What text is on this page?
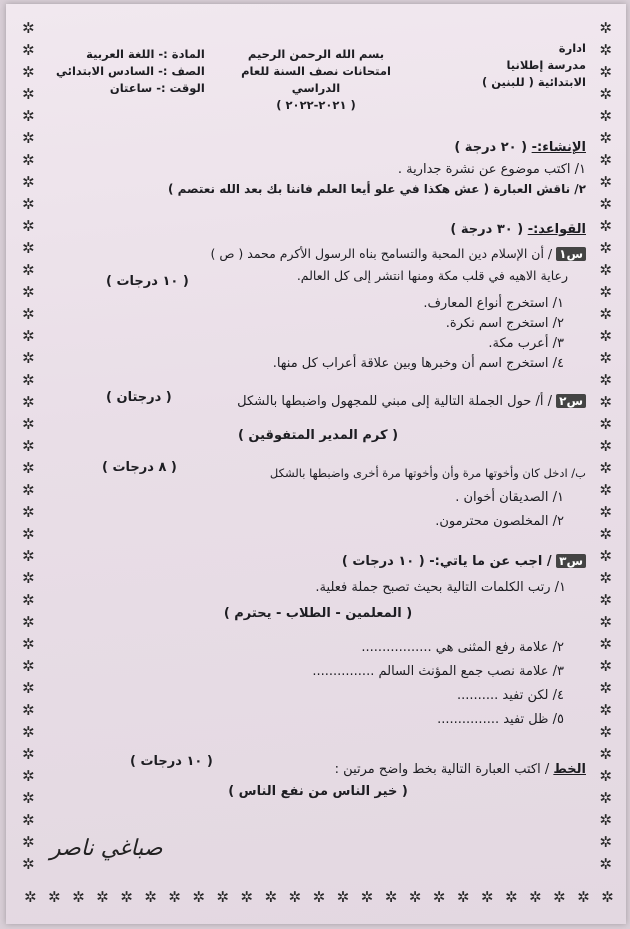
✲
✲
✲
✲
✲
✲
✲
✲
✲
✲
✲
✲
✲
✲
✲
✲
✲
✲
✲
✲
✲
✲
✲
✲
✲
✲
✲
✲
✲
✲
✲
✲
✲
✲
✲
✲
✲
✲
✲
✲
✲
✲
✲
✲
✲
✲
✲
✲
✲
✲
✲
✲
✲
✲
✲
✲
✲
✲
✲
✲
✲
✲
✲
✲
✲
✲
✲
✲
✲
✲
✲
✲
✲
✲
✲
✲
✲
✲
✲ ✲ ✲ ✲ ✲ ✲ ✲ ✲ ✲ ✲ ✲ ✲ ✲ ✲ ✲ ✲ ✲ ✲ ✲ ✲ ✲ ✲ ✲ ✲ ✲
ادارة
مدرسة إطلانيا
الابتدائية ( للبنين )
بسم الله الرحمن الرحيم
امتحانات نصف السنة للعام الدراسي
( ٢٠٢١-٢٠٢٢ )
المادة :- اللغة العربية
الصف :- السادس الابتدائي
الوقت :- ساعتان
الإنشاء:- ( ٢٠ درجة )
١/ اكتب موضوع عن نشرة جدارية .
٢/ ناقش العبارة ( عش هكذا في علو أيعا العلم فاننا بك بعد الله نعتصم )
القواعد:- ( ٣٠ درجة )
س١ / أن الإسلام دين المحبة والتسامح بناه الرسول الأكرم محمد ( ص )
رعاية الاهيه في قلب مكة ومنها انتشر إلى كل العالم.
( ١٠ درجات )
١/ استخرج أنواع المعارف.
٢/ استخرج اسم نكرة.
٣/ أعرب مكة.
٤/ استخرج اسم أن وخبرها وبين علاقة أعراب كل منها.
س٢ / أ/ حول الجملة التالية إلى مبني للمجهول واضبطها بالشكل
( درجتان )
( كرم المدير المتفوقين )
ب/ ادخل كان وأخوتها مرة وأن وأخوتها مرة أخرى واضبطها بالشكل
( ٨ درجات )
١/ الصديقان أخوان .
٢/ المخلصون محترمون.
س٣ / اجب عن ما ياتي:- ( ١٠ درجات )
١/ رتب الكلمات التالية بحيث تصبح جملة فعلية.
( المعلمين - الطلاب - يحترم )
٢/ علامة رفع المثنى هي .................
٣/ علامة نصب جمع المؤنث السالم ...............
٤/ لكن تفيد ..........
٥/ ظل تفيد ...............
الخط / اكتب العبارة التالية بخط واضح مرتين :
( ١٠ درجات )
( خير الناس من نفع الناس )
صباغي ناصر
